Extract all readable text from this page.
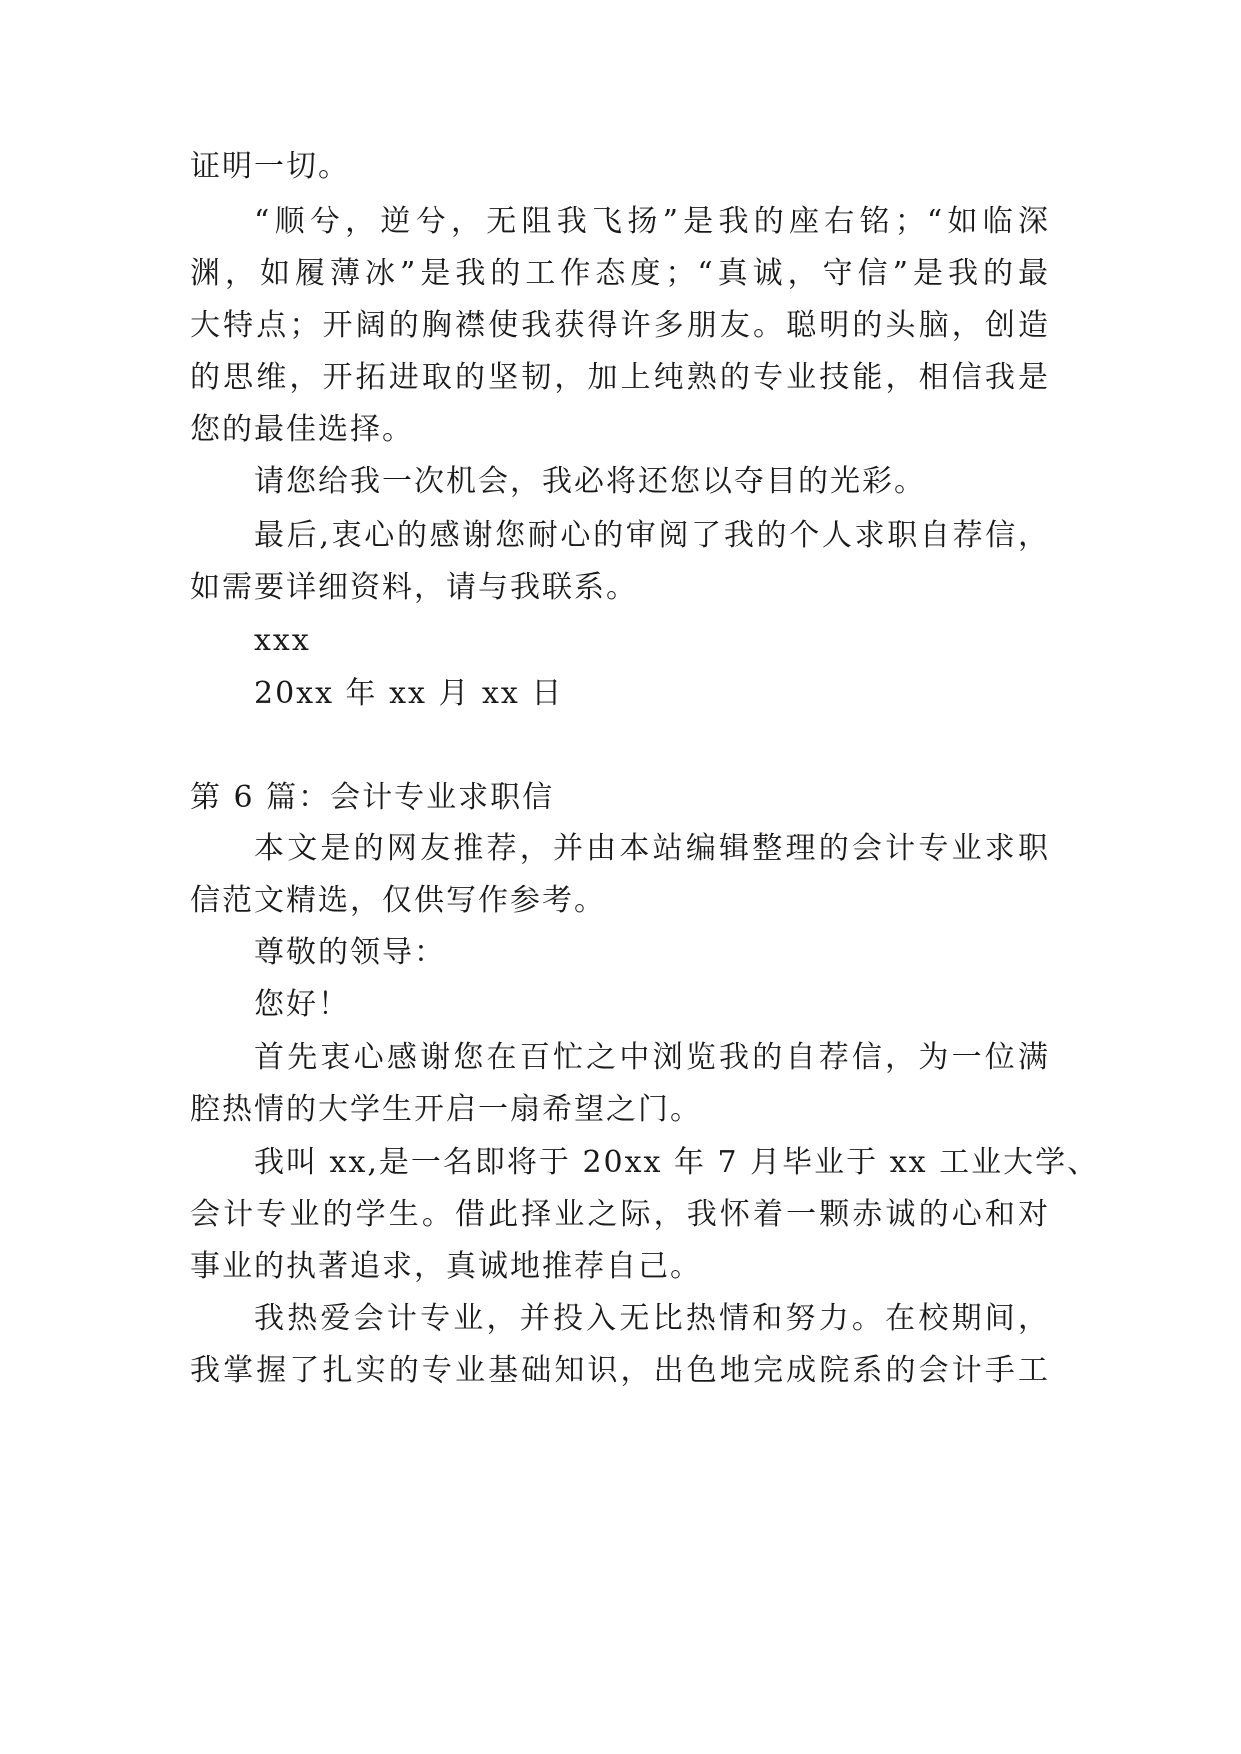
证明一切。
“顺兮，逆兮，无阻我飞扬”是我的座右铭；“如临深
渊，如履薄冰”是我的工作态度；“真诚，守信”是我的最
大特点；开阔的胸襟使我获得许多朋友。聪明的头脑，创造
的思维，开拓进取的坚韧，加上纯熟的专业技能，相信我是
您的最佳选择。
请您给我一次机会，我必将还您以夺目的光彩。
最后,衷心的感谢您耐心的审阅了我的个人求职自荐信，
如需要详细资料，请与我联系。
xxx
20xx 年 xx 月 xx 日
第 6 篇：会计专业求职信
本文是的网友推荐，并由本站编辑整理的会计专业求职
信范文精选，仅供写作参考。
尊敬的领导：
您好！
首先衷心感谢您在百忙之中浏览我的自荐信，为一位满
腔热情的大学生开启一扇希望之门。
我叫 xx,是一名即将于 20xx 年 7 月毕业于 xx 工业大学、
会计专业的学生。借此择业之际，我怀着一颗赤诚的心和对
事业的执著追求，真诚地推荐自己。
我热爱会计专业，并投入无比热情和努力。在校期间，
我掌握了扎实的专业基础知识，出色地完成院系的会计手工
